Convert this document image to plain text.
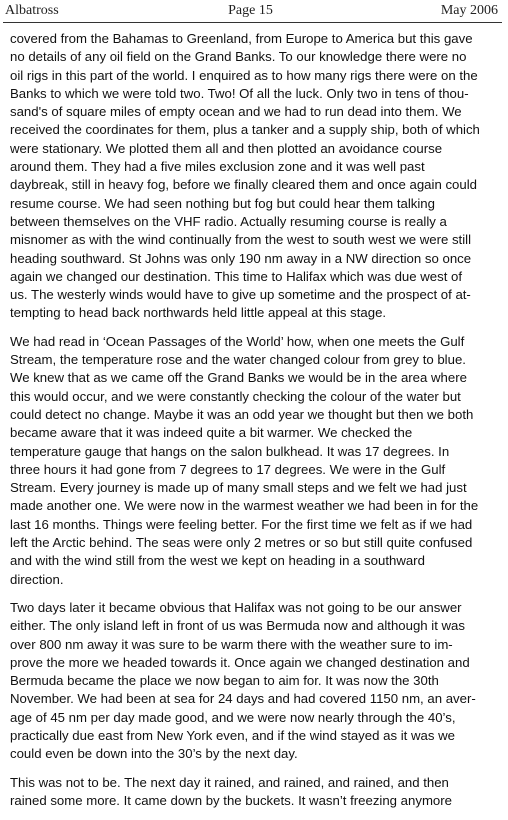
Albatross	Page 15	May 2006
covered from the Bahamas to Greenland, from Europe to America but this gave
no details of any oil field on the Grand Banks. To our knowledge there were no
oil rigs in this part of the world. I enquired as to how many rigs there were on the
Banks to which we were told two. Two! Of all the luck. Only two in tens of thou-
sand's of square miles of empty ocean and we had to run dead into them. We
received the coordinates for them, plus a tanker and a supply ship, both of which
were stationary. We plotted them all and then plotted an avoidance course
around them. They had a five miles exclusion zone and it was well past
daybreak, still in heavy fog, before we finally cleared them and once again could
resume course. We had seen nothing but fog but could hear them talking
between themselves on the VHF radio. Actually resuming course is really a
misnomer as with the wind continually from the west to south west we were still
heading southward. St Johns was only 190 nm away in a NW direction so once
again we changed our destination. This time to Halifax which was due west of
us. The westerly winds would have to give up sometime and the prospect of at-
tempting to head back northwards held little appeal at this stage.
We had read in ‘Ocean Passages of the World’ how, when one meets the Gulf
Stream, the temperature rose and the water changed colour from grey to blue.
We knew that as we came off the Grand Banks we would be in the area where
this would occur, and we were constantly checking the colour of the water but
could detect no change. Maybe it was an odd year we thought but then we both
became aware that it was indeed quite a bit warmer. We checked the
temperature gauge that hangs on the salon bulkhead. It was 17 degrees. In
three hours it had gone from 7 degrees to 17 degrees. We were in the Gulf
Stream. Every journey is made up of many small steps and we felt we had just
made another one. We were now in the warmest weather we had been in for the
last 16 months. Things were feeling better. For the first time we felt as if we had
left the Arctic behind. The seas were only 2 metres or so but still quite confused
and with the wind still from the west we kept on heading in a southward
direction.
Two days later it became obvious that Halifax was not going to be our answer
either. The only island left in front of us was Bermuda now and although it was
over 800 nm away it was sure to be warm there with the weather sure to im-
prove the more we headed towards it. Once again we changed destination and
Bermuda became the place we now began to aim for. It was now the 30th
November. We had been at sea for 24 days and had covered 1150 nm, an aver-
age of 45 nm per day made good, and we were now nearly through the 40’s,
practically due east from New York even, and if the wind stayed as it was we
could even be down into the 30’s by the next day.
This was not to be. The next day it rained, and rained, and rained, and then
rained some more. It came down by the buckets. It wasn’t freezing anymore
